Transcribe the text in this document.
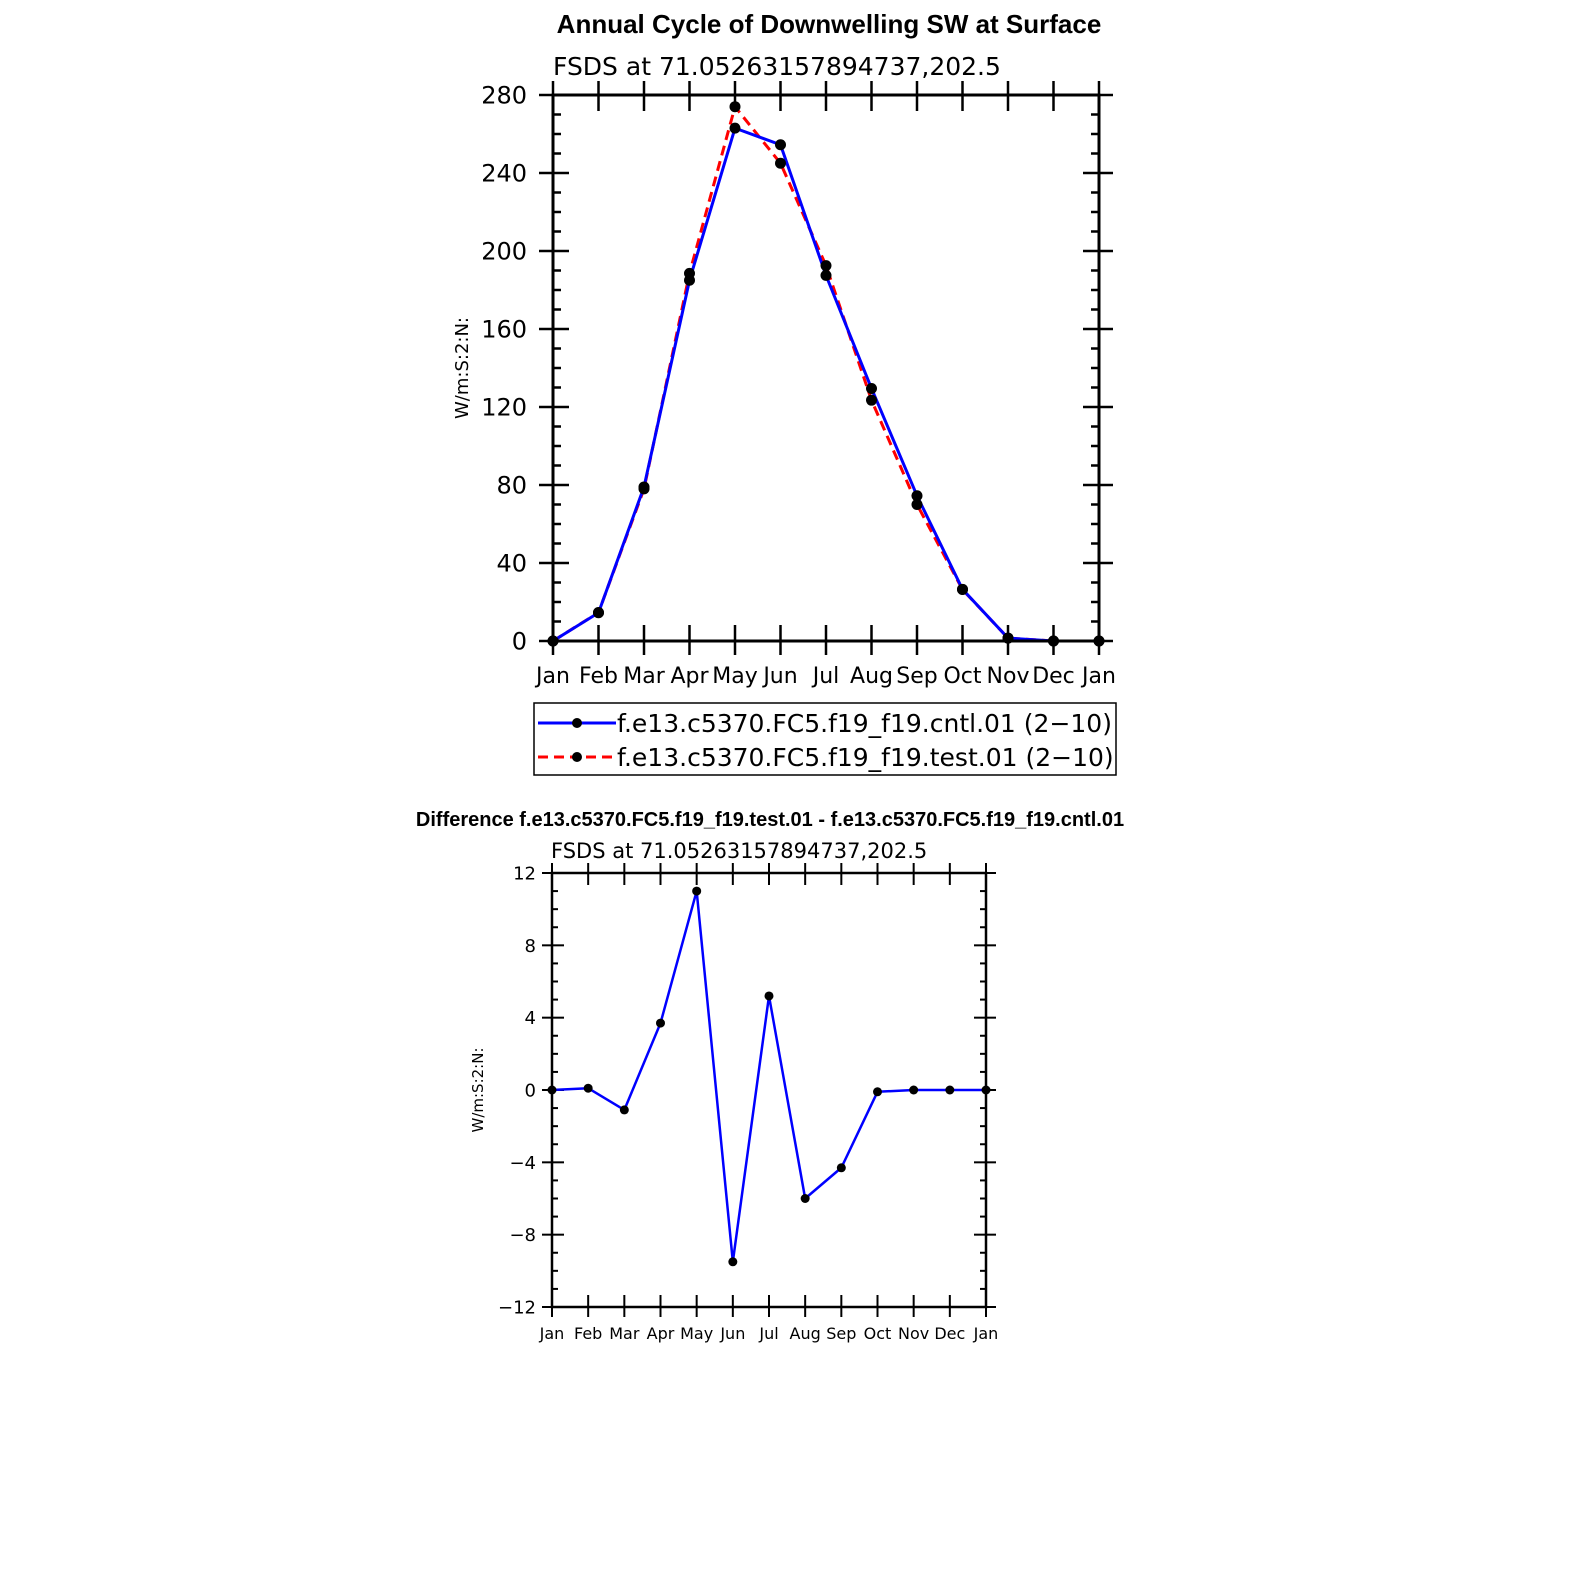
Annual Cycle of Downwelling SW at Surface
FSDS at 71.05263157894737,202.5
W/m:S:2:N:
Jan Feb Mar Apr May Jun Jul Aug Sep Oct Nov Dec Jan
0
40
80
120
160
200
240
280
f.e13.c5370.FC5.f19_f19.cntl.01 (2−10)
f.e13.c5370.FC5.f19_f19.test.01 (2−10)
Difference f.e13.c5370.FC5.f19_f19.test.01 - f.e13.c5370.FC5.f19_f19.cntl.01
FSDS at 71.05263157894737,202.5
W/m:S:2:N:
Jan Feb Mar Apr May Jun Jul Aug Sep Oct Nov Dec Jan
−12
−8
−4
0
4
8
12
